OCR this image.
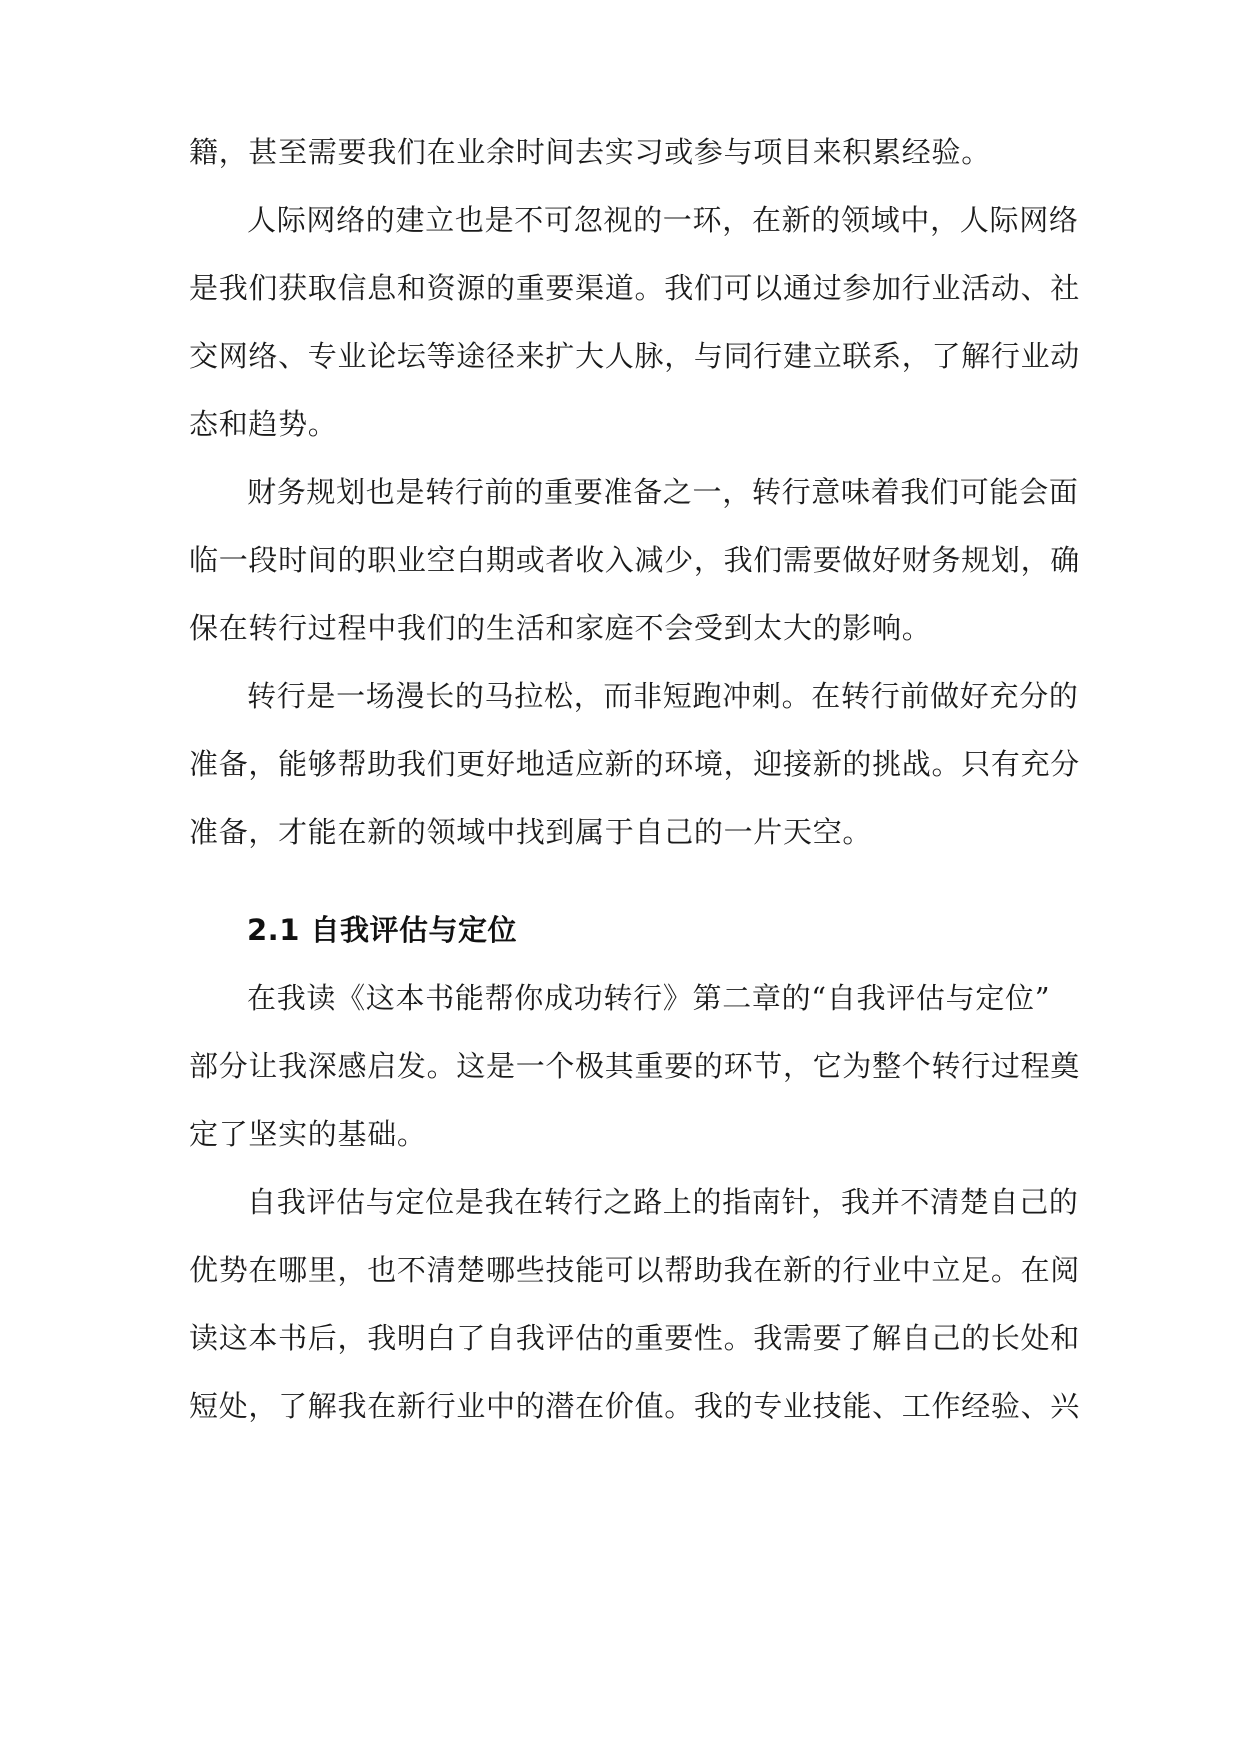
籍，甚至需要我们在业余时间去实习或参与项目来积累经验。
人际网络的建立也是不可忽视的一环，在新的领域中，人际网络
是我们获取信息和资源的重要渠道。我们可以通过参加行业活动、社
交网络、专业论坛等途径来扩大人脉，与同行建立联系，了解行业动
态和趋势。
财务规划也是转行前的重要准备之一，转行意味着我们可能会面
临一段时间的职业空白期或者收入减少，我们需要做好财务规划，确
保在转行过程中我们的生活和家庭不会受到太大的影响。
转行是一场漫长的马拉松，而非短跑冲刺。在转行前做好充分的
准备，能够帮助我们更好地适应新的环境，迎接新的挑战。只有充分
准备，才能在新的领域中找到属于自己的一片天空。
2.1 自我评估与定位
在我读《这本书能帮你成功转行》第二章的“自我评估与定位”
部分让我深感启发。这是一个极其重要的环节，它为整个转行过程奠
定了坚实的基础。
自我评估与定位是我在转行之路上的指南针，我并不清楚自己的
优势在哪里，也不清楚哪些技能可以帮助我在新的行业中立足。在阅
读这本书后，我明白了自我评估的重要性。我需要了解自己的长处和
短处，了解我在新行业中的潜在价值。我的专业技能、工作经验、兴
